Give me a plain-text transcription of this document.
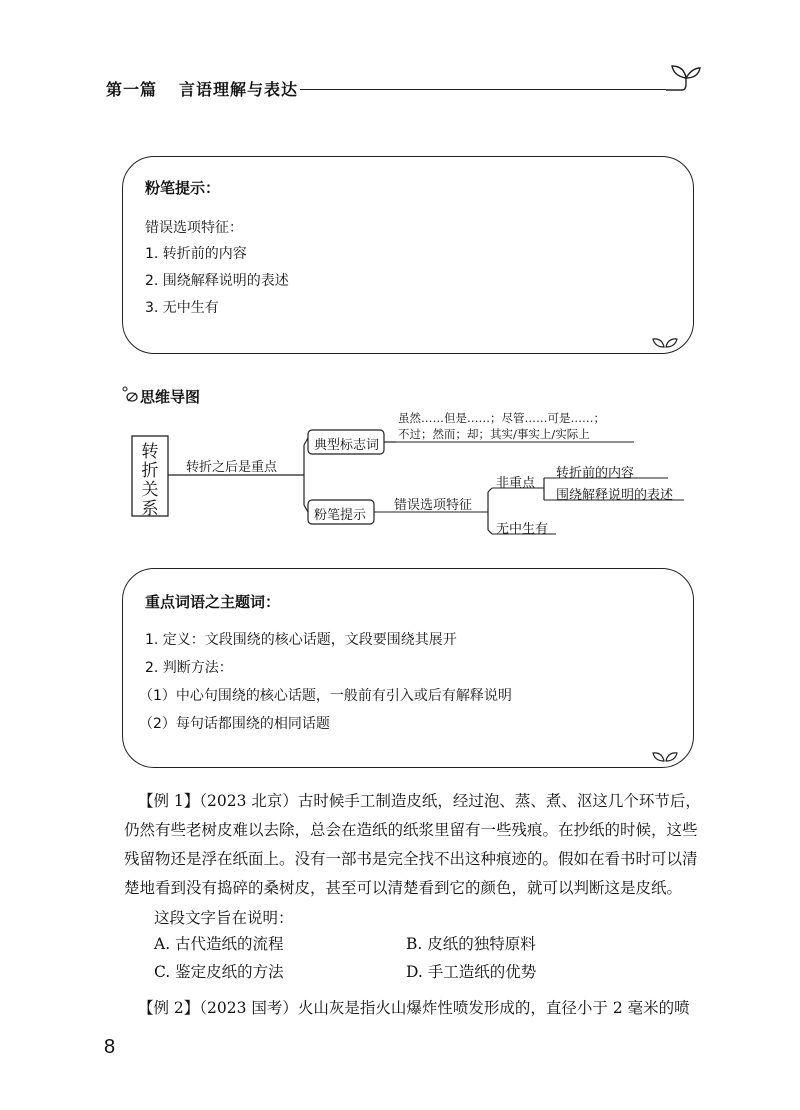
第一篇 言语理解与表达
粉笔提示：
错误选项特征：
1. 转折前的内容
2. 围绕解释说明的表述
3. 无中生有
思维导图
转
折
关
系
转折之后是重点
典型标志词
虽然……但是……；尽管……可是……；
不过；然而；却；其实/事实上/实际上
粉笔提示
错误选项特征
非重点
转折前的内容
围绕解释说明的表述
无中生有
重点词语之主题词：
1. 定义：文段围绕的核心话题，文段要围绕其展开
2. 判断方法：
（1）中心句围绕的核心话题，一般前有引入或后有解释说明
（2）每句话都围绕的相同话题
【例 1】（2023 北京）古时候手工制造皮纸，经过泡、蒸、煮、沤这几个环节后，
仍然有些老树皮难以去除，总会在造纸的纸浆里留有一些残痕。在抄纸的时候，这些
残留物还是浮在纸面上。没有一部书是完全找不出这种痕迹的。假如在看书时可以清
楚地看到没有捣碎的桑树皮，甚至可以清楚看到它的颜色，就可以判断这是皮纸。
这段文字旨在说明：
A. 古代造纸的流程	B. 皮纸的独特原料
C. 鉴定皮纸的方法	D. 手工造纸的优势
【例 2】（2023 国考）火山灰是指火山爆炸性喷发形成的，直径小于 2 毫米的喷
8
